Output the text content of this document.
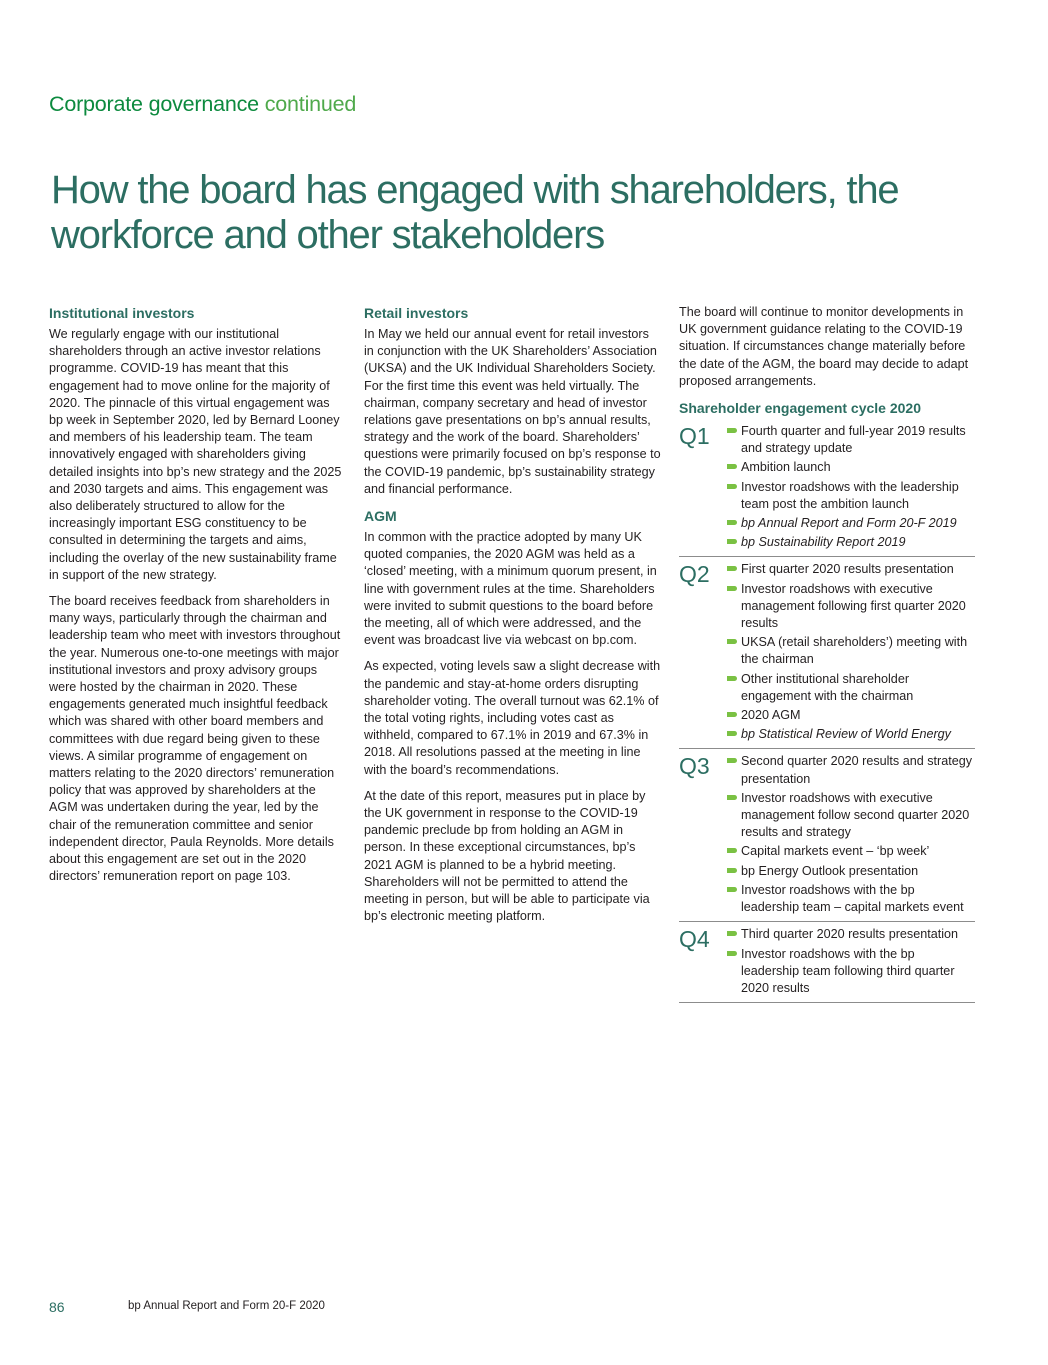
Corporate governance continued
How the board has engaged with shareholders, the workforce and other stakeholders
Institutional investors

We regularly engage with our institutional shareholders through an active investor relations programme. COVID-19 has meant that this engagement had to move online for the majority of 2020. The pinnacle of this virtual engagement was bp week in September 2020, led by Bernard Looney and members of his leadership team. The team innovatively engaged with shareholders giving detailed insights into bp’s new strategy and the 2025 and 2030 targets and aims. This engagement was also deliberately structured to allow for the increasingly important ESG constituency to be consulted in determining the targets and aims, including the overlay of the new sustainability frame in support of the new strategy.

The board receives feedback from shareholders in many ways, particularly through the chairman and leadership team who meet with investors throughout the year. Numerous one-to-one meetings with major institutional investors and proxy advisory groups were hosted by the chairman in 2020. These engagements generated much insightful feedback which was shared with other board members and committees with due regard being given to these views. A similar programme of engagement on matters relating to the 2020 directors’ remuneration policy that was approved by shareholders at the AGM was undertaken during the year, led by the chair of the remuneration committee and senior independent director, Paula Reynolds. More details about this engagement are set out in the 2020 directors’ remuneration report on page 103.

Retail investors

In May we held our annual event for retail investors in conjunction with the UK Shareholders’ Association (UKSA) and the UK Individual Shareholders Society. For the first time this event was held virtually. The chairman, company secretary and head of investor relations gave presentations on bp’s annual results, strategy and the work of the board. Shareholders’ questions were primarily focused on bp’s response to the COVID-19 pandemic, bp’s sustainability strategy and financial performance.

AGM

In common with the practice adopted by many UK quoted companies, the 2020 AGM was held as a ‘closed’ meeting, with a minimum quorum present, in line with government rules at the time. Shareholders were invited to submit questions to the board before the meeting, all of which were addressed, and the event was broadcast live via webcast on bp.com.

As expected, voting levels saw a slight decrease with the pandemic and stay-at-home orders disrupting shareholder voting. The overall turnout was 62.1% of the total voting rights, including votes cast as withheld, compared to 67.1% in 2019 and 67.3% in 2018. All resolutions passed at the meeting in line with the board’s recommendations.

At the date of this report, measures put in place by the UK government in response to the COVID-19 pandemic preclude bp from holding an AGM in person. In these exceptional circumstances, bp’s 2021 AGM is planned to be a hybrid meeting. Shareholders will not be permitted to attend the meeting in person, but will be able to participate via bp’s electronic meeting platform.

The board will continue to monitor developments in UK government guidance relating to the COVID-19 situation. If circumstances change materially before the date of the AGM, the board may decide to adapt proposed arrangements.

Shareholder engagement cycle 2020
Q1	Fourth quarter and full-year 2019 results and strategy update
Ambition launch
Investor roadshows with the leadership team post the ambition launch
bp Annual Report and Form 20-F 2019
bp Sustainability Report 2019
Q2	First quarter 2020 results presentation
Investor roadshows with executive management following first quarter 2020 results
UKSA (retail shareholders’) meeting with the chairman
Other institutional shareholder engagement with the chairman
2020 AGM
bp Statistical Review of World Energy
Q3	Second quarter 2020 results and strategy presentation
Investor roadshows with executive management follow second quarter 2020 results and strategy
Capital markets event – ‘bp week’
bp Energy Outlook presentation
Investor roadshows with the bp leadership team – capital markets event
Q4	Third quarter 2020 results presentation
Investor roadshows with the bp leadership team following third quarter 2020 results
86	bp Annual Report and Form 20-F 2020
